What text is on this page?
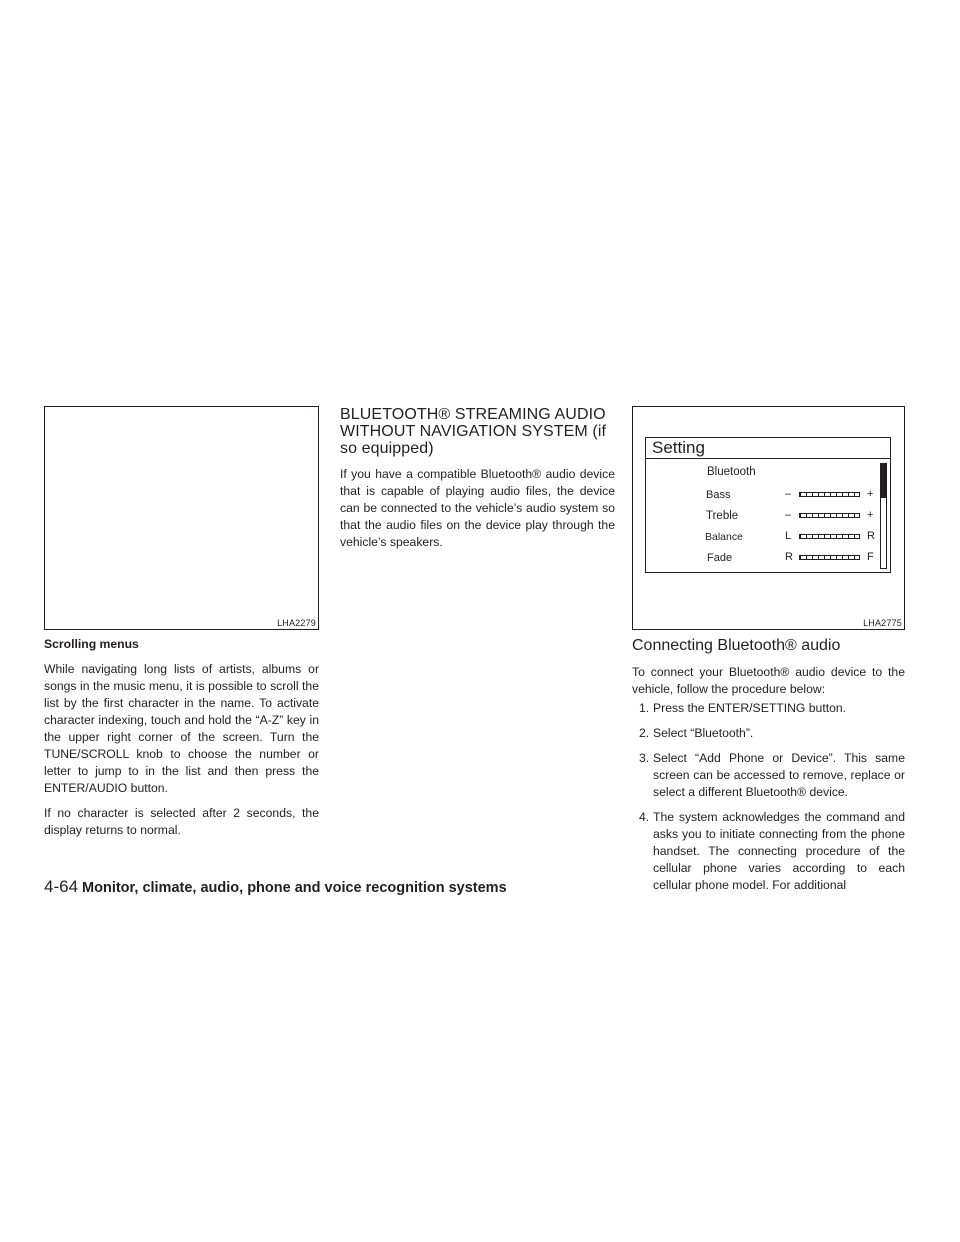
LHA2279
Scrolling menus

While navigating long lists of artists, albums or songs in the music menu, it is possible to scroll the list by the first character in the name. To activate character indexing, touch and hold the “A-Z” key in the upper right corner of the screen. Turn the TUNE/SCROLL knob to choose the number or letter to jump to in the list and then press the ENTER/AUDIO button.

If no character is selected after 2 seconds, the display returns to normal.

BLUETOOTH® STREAMING AUDIO
WITHOUT NAVIGATION SYSTEM (if
so equipped)

If you have a compatible Bluetooth® audio device that is capable of playing audio files, the device can be connected to the vehicle’s audio system so that the audio files on the device play through the vehicle’s speakers.

LHA2775
Setting
Bluetooth
Bass	–	+
Treble	–	+
Balance	L	R
Fade	R	F
Connecting Bluetooth® audio

To connect your Bluetooth® audio device to the vehicle, follow the procedure below:

1. Press the ENTER/SETTING button.
2. Select “Bluetooth”.
3. Select “Add Phone or Device”. This same screen can be accessed to remove, replace or select a different Bluetooth® device.
4. The system acknowledges the command and asks you to initiate connecting from the phone handset. The connecting procedure of the cellular phone varies according to each cellular phone model. For additional
4-64 Monitor, climate, audio, phone and voice recognition systems
